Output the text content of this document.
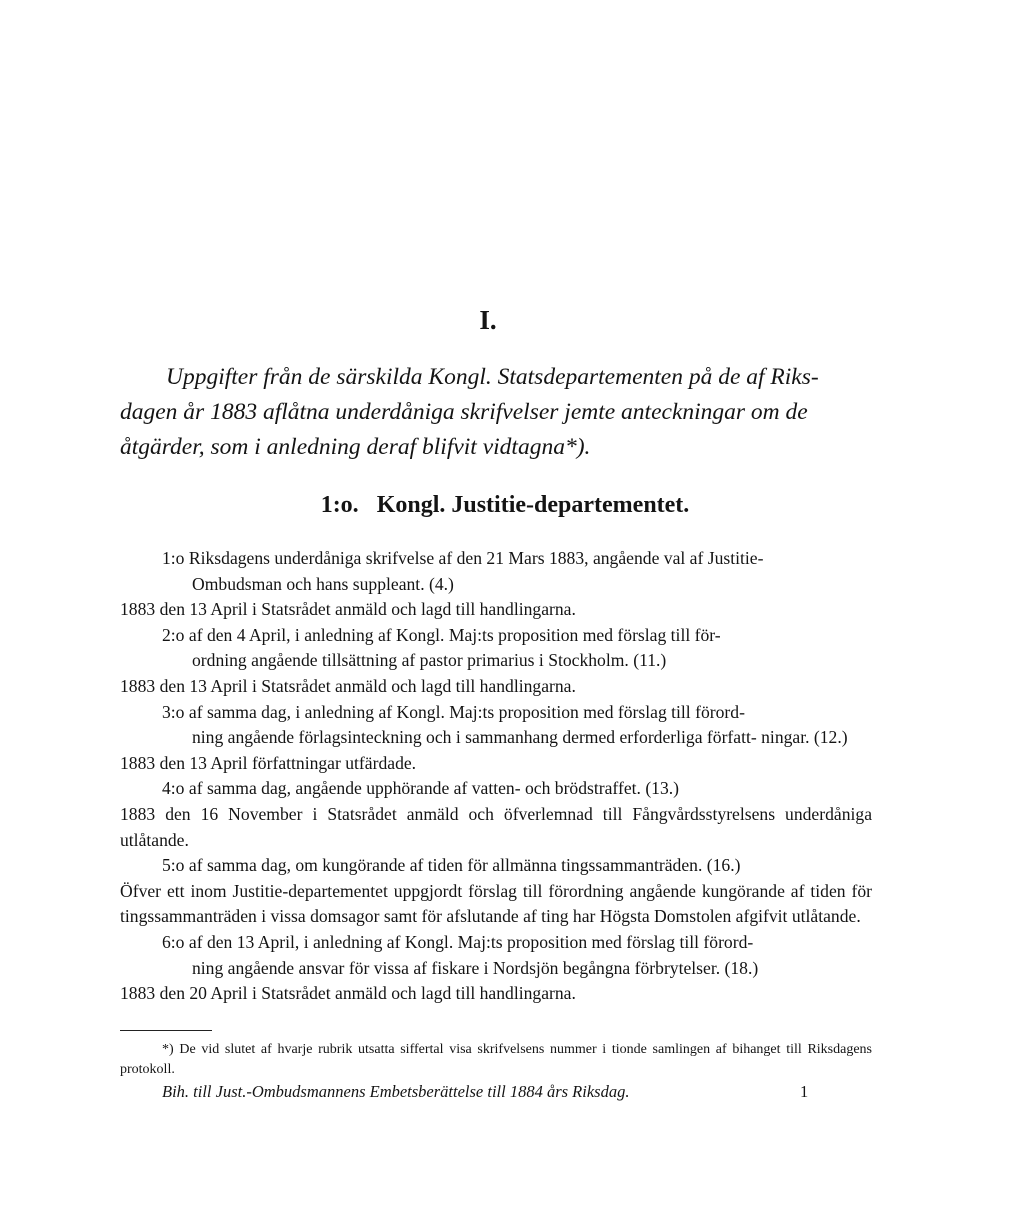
I.
Uppgifter från de särskilda Kongl. Statsdepartementen på de af Riks-
dagen år 1883 aflåtna underdåniga skrifvelser jemte anteckningar om de
åtgärder, som i anledning deraf blifvit vidtagna*).
1:o. Kongl. Justitie-departementet.

1:o Riksdagens underdåniga skrifvelse af den 21 Mars 1883, angående val af Justitie-

Ombudsman och hans suppleant. (4.)

1883 den 13 April i Statsrådet anmäld och lagd till handlingarna.

2:o af den 4 April, i anledning af Kongl. Maj:ts proposition med förslag till för-

ordning angående tillsättning af pastor primarius i Stockholm. (11.)

1883 den 13 April i Statsrådet anmäld och lagd till handlingarna.

3:o af samma dag, i anledning af Kongl. Maj:ts proposition med förslag till förord-

ning angående förlagsinteckning och i sammanhang dermed erforderliga författ- ningar. (12.)

1883 den 13 April författningar utfärdade.

4:o af samma dag, angående upphörande af vatten- och brödstraffet. (13.)

1883 den 16 November i Statsrådet anmäld och öfverlemnad till Fångvårdsstyrelsens underdåniga utlåtande.

5:o af samma dag, om kungörande af tiden för allmänna tingssammanträden. (16.)

Öfver ett inom Justitie-departementet uppgjordt förslag till förordning angående kungörande af tiden för tingssammanträden i vissa domsagor samt för afslutande af ting har Högsta Domstolen afgifvit utlåtande.

6:o af den 13 April, i anledning af Kongl. Maj:ts proposition med förslag till förord-

ning angående ansvar för vissa af fiskare i Nordsjön begångna förbrytelser. (18.)

1883 den 20 April i Statsrådet anmäld och lagd till handlingarna.

*) De vid slutet af hvarje rubrik utsatta siffertal visa skrifvelsens nummer i tionde samlingen af bihanget till Riksdagens protokoll.
Bih. till Just.-Ombudsmannens Embetsberättelse till 1884 års Riksdag.	1
